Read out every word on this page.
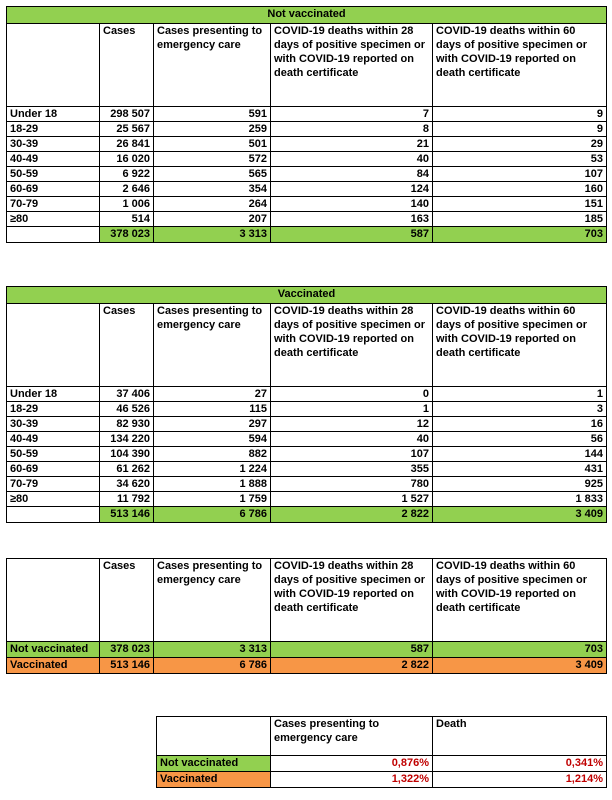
Not vaccinated				
	Cases	Cases presenting to emergency care	COVID-19 deaths within 28 days of positive specimen or with COVID-19 reported on death certificate	COVID-19 deaths within 60 days of positive specimen or with COVID-19 reported on death certificate
Under 18	298 507	591	7	9
18-29	25 567	259	8	9
30-39	26 841	501	21	29
40-49	16 020	572	40	53
50-59	6 922	565	84	107
60-69	2 646	354	124	160
70-79	1 006	264	140	151
≥80	514	207	163	185
	378 023	3 313	587	703
Vaccinated				
	Cases	Cases presenting to emergency care	COVID-19 deaths within 28 days of positive specimen or with COVID-19 reported on death certificate	COVID-19 deaths within 60 days of positive specimen or with COVID-19 reported on death certificate
Under 18	37 406	27	0	1
18-29	46 526	115	1	3
30-39	82 930	297	12	16
40-49	134 220	594	40	56
50-59	104 390	882	107	144
60-69	61 262	1 224	355	431
70-79	34 620	1 888	780	925
≥80	11 792	1 759	1 527	1 833
	513 146	6 786	2 822	3 409
	Cases	Cases presenting to emergency care	COVID-19 deaths within 28 days of positive specimen or with COVID-19 reported on death certificate	COVID-19 deaths within 60 days of positive specimen or with COVID-19 reported on death certificate
Not vaccinated	378 023	3 313	587	703
Vaccinated	513 146	6 786	2 822	3 409
	Cases presenting to emergency care	Death
Not vaccinated	0,876%	0,341%
Vaccinated	1,322%	1,214%
